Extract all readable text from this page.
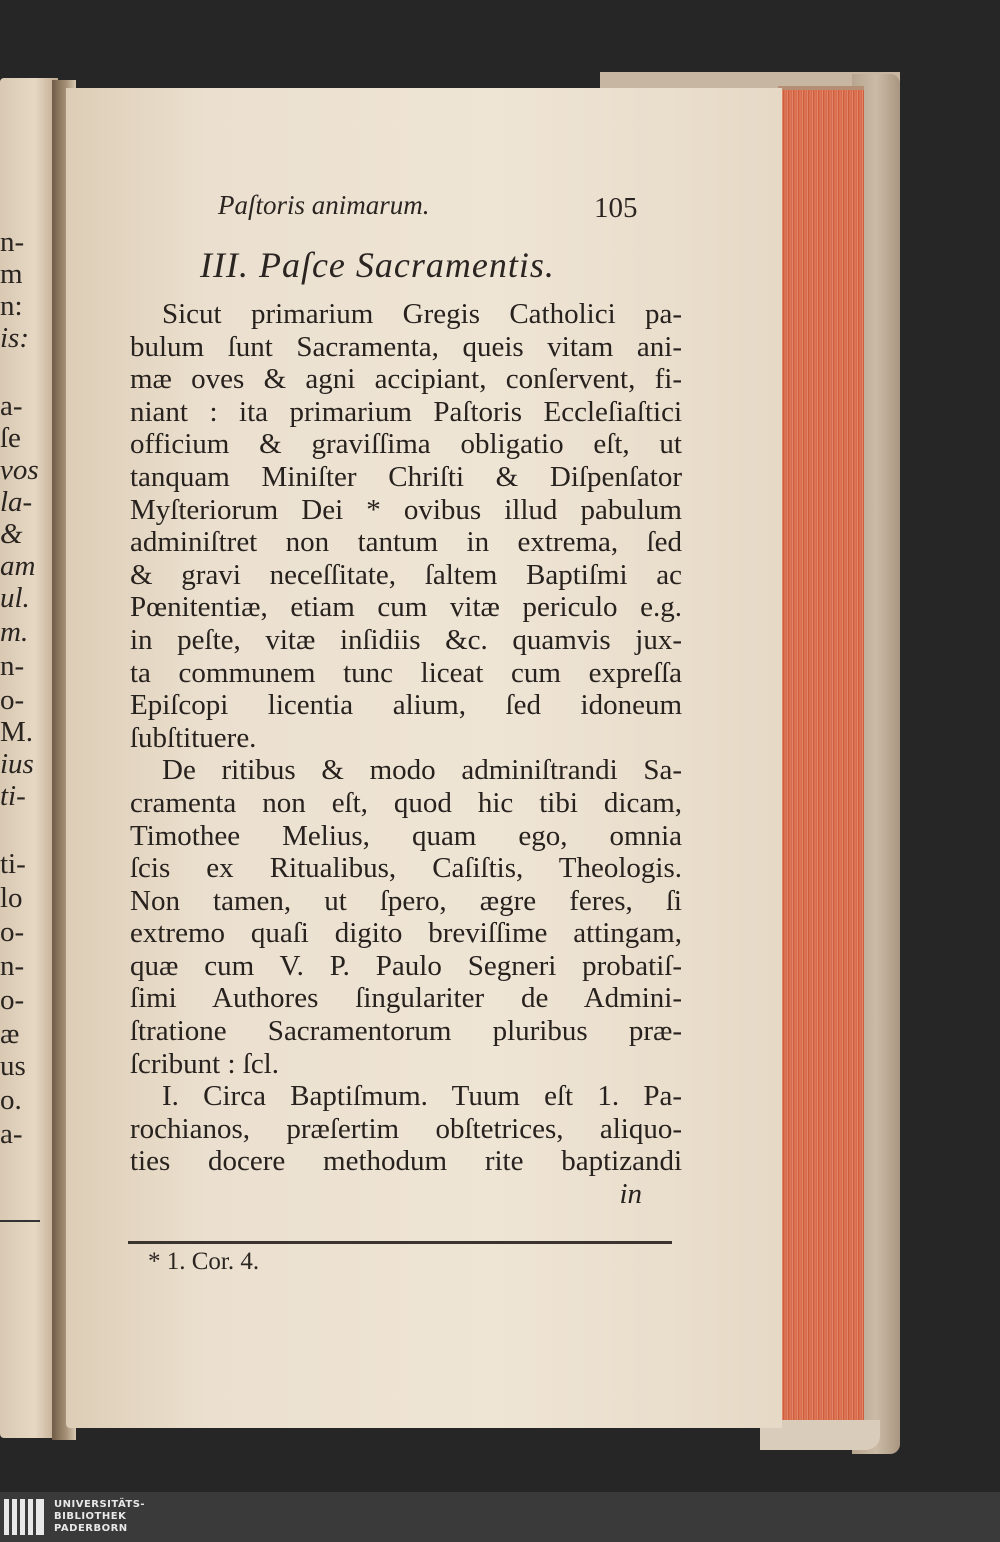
n-
m
n:
is:
a-
ſe
vos
la-
&
am
ul.
m.
n-
o-
M.
ius
ti-
ti-
lo
o-
n-
o-
æ
us
o.
a-
Paſtoris animarum.	105
III. Paſce Sacramentis.
Sicut primarium Gregis Catholici pa-
bulum ſunt Sacramenta, queis vitam ani-
mæ oves & agni accipiant, conſervent, fi-
niant : ita primarium Paſtoris Eccleſiaſtici
officium & graviſſima obligatio eſt, ut
tanquam Miniſter Chriſti & Diſpenſator
Myſteriorum Dei * ovibus illud pabulum
adminiſtret non tantum in extrema, ſed
& gravi neceſſitate, ſaltem Baptiſmi ac
Pœnitentiæ, etiam cum vitæ periculo e.g.
in peſte, vitæ inſidiis &c. quamvis jux-
ta communem tunc liceat cum expreſſa
Epiſcopi licentia alium, ſed idoneum
ſubſtituere.
De ritibus & modo adminiſtrandi Sa-
cramenta non eſt, quod hic tibi dicam,
Timothee Melius, quam ego, omnia
ſcis ex Ritualibus, Caſiſtis, Theologis.
Non tamen, ut ſpero, ægre feres, ſi
extremo quaſi digito breviſſime attingam,
quæ cum V. P. Paulo Segneri probatiſ-
ſimi Authores ſingulariter de Admini-
ſtratione Sacramentorum pluribus præ-
ſcribunt : ſcl.
I. Circa Baptiſmum. Tuum eſt 1. Pa-
rochianos, præſertim obſtetrices, aliquo-
ties docere methodum rite baptizandi
in
* 1. Cor. 4.
UNIVERSITÄTS-
BIBLIOTHEK
PADERBORN
